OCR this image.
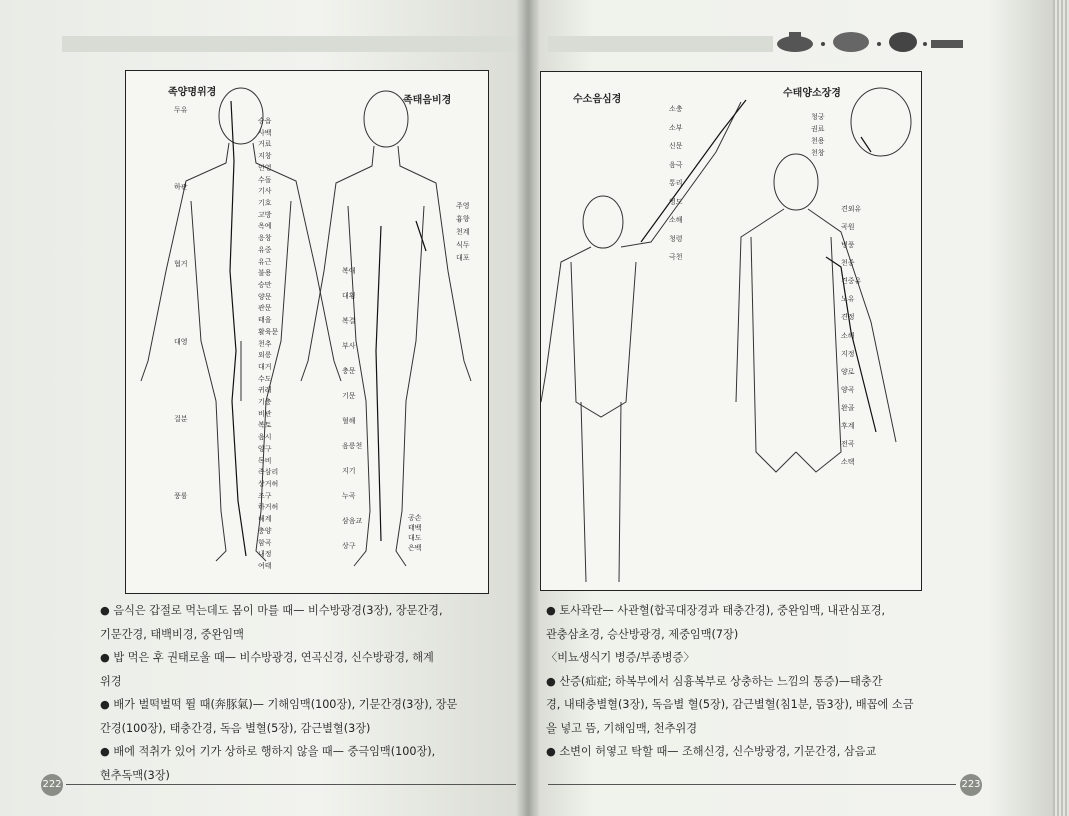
족양명위경
족태음비경
두유
하관
협거
대영
걸분
풍륭
승읍
사백
거료
지창
인영
수돌
기사
기호
고방
옥예
응창
유중
유근
불용
승만
양문
관문
태을
활육문
천추
외릉
대거
수도
귀래
기충
비관
복토
음시
양구
독비
족삼리
상거허
조구
하거허
해계
충양
함곡
내정
여태
주영
흉향
천계
식두
대포
복애
대횡
복결
부사
충문
기문
혈해
음릉천
지기
누곡
삼음교
상구
공손
태백
대도
은백
● 음식은 갑절로 먹는데도 몸이 마를 때— 비수방광경(3장), 장문간경,
기문간경, 태백비경, 중완임맥
● 밥 먹은 후 권태로울 때— 비수방광경, 연곡신경, 신수방광경, 해계
위경
● 배가 벌떡벌떡 뛸 때(奔豚氣)— 기해임맥(100장), 기문간경(3장), 장문
간경(100장), 태충간경, 독음 별혈(5장), 감근별혈(3장)
● 배에 적취가 있어 기가 상하로 행하지 않을 때— 중극임맥(100장),
현추독맥(3장)
222
수소음심경
수태양소장경
소충
소부
신문
음극
통리
영도
소해
청령
극천
청궁
권료
천용
천창
견외유
곡원
병풍
천종
견중유
노유
견정
소해
지정
양로
양곡
완골
후계
전곡
소택
● 토사곽란— 사관혈(합곡대장경과 태충간경), 중완임맥, 내관심포경,
관충삼초경, 승산방광경, 제중임맥(7장)
〈비뇨생식기 병증/부종병증〉
● 산증(疝症; 하복부에서 심흉복부로 상충하는 느낌의 통증)—태충간
경, 내태충별혈(3장), 독음별 혈(5장), 감근별혈(침1분, 뜸3장), 배꼽에 소금
을 넣고 뜸, 기해임맥, 천추위경
● 소변이 허옇고 탁할 때— 조해신경, 신수방광경, 기문간경, 삼음교
223
